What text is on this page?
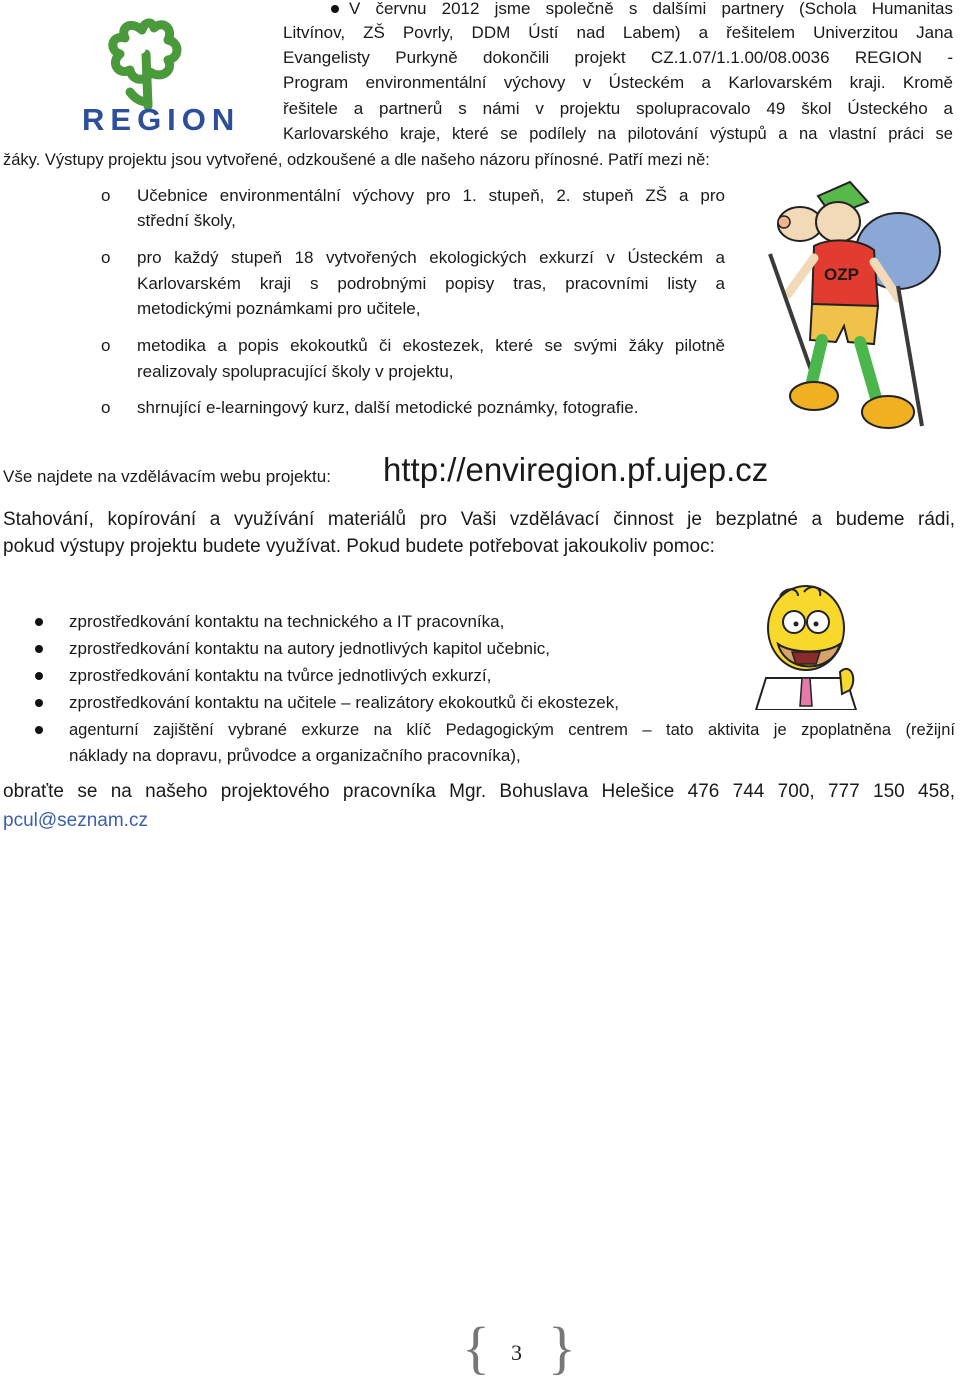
REGION
V červnu 2012 jsme společně s dalšími partnery (Schola Humanitas
Litvínov, ZŠ Povrly, DDM Ústí nad Labem) a řešitelem Univerzitou Jana
Evangelisty Purkyně dokončili projekt CZ.1.07/1.1.00/08.0036 REGION -
Program environmentální výchovy v Ústeckém a Karlovarském kraji. Kromě
řešitele a partnerů s námi v projektu spolupracovalo 49 škol Ústeckého a
Karlovarského kraje, které se podílely na pilotování výstupů a na vlastní práci se
žáky. Výstupy projektu jsou vytvořené, odzkoušené a dle našeho názoru přínosné. Patří mezi ně:
o Učebnice environmentální výchovy pro 1. stupeň, 2. stupeň ZŠ a pro
střední školy,
o pro každý stupeň 18 vytvořených ekologických exkurzí v Ústeckém a
Karlovarském kraji s podrobnými popisy tras, pracovními listy a
metodickými poznámkami pro učitele,
o metodika a popis ekokoutků či ekostezek, které se svými žáky pilotně
realizovaly spolupracující školy v projektu,
o shrnující e-learningový kurz, další metodické poznámky, fotografie.
OZP
Vše najdete na vzdělávacím webu projektu: http://enviregion.pf.ujep.cz
Stahování, kopírování a využívání materiálů pro Vaši vzdělávací činnost je bezplatné a budeme rádi,
pokud výstupy projektu budete využívat. Pokud budete potřebovat jakoukoliv pomoc:
zprostředkování kontaktu na technického a IT pracovníka,
zprostředkování kontaktu na autory jednotlivých kapitol učebnic,
zprostředkování kontaktu na tvůrce jednotlivých exkurzí,
zprostředkování kontaktu na učitele – realizátory ekokoutků či ekostezek,
agenturní zajištění vybrané exkurze na klíč Pedagogickým centrem – tato aktivita je zpoplatněna (režijní
náklady na dopravu, průvodce a organizačního pracovníka),
obraťte se na našeho projektového pracovníka Mgr. Bohuslava Helešice 476 744 700, 777 150 458,
pcul@seznam.cz
{ 3 }
